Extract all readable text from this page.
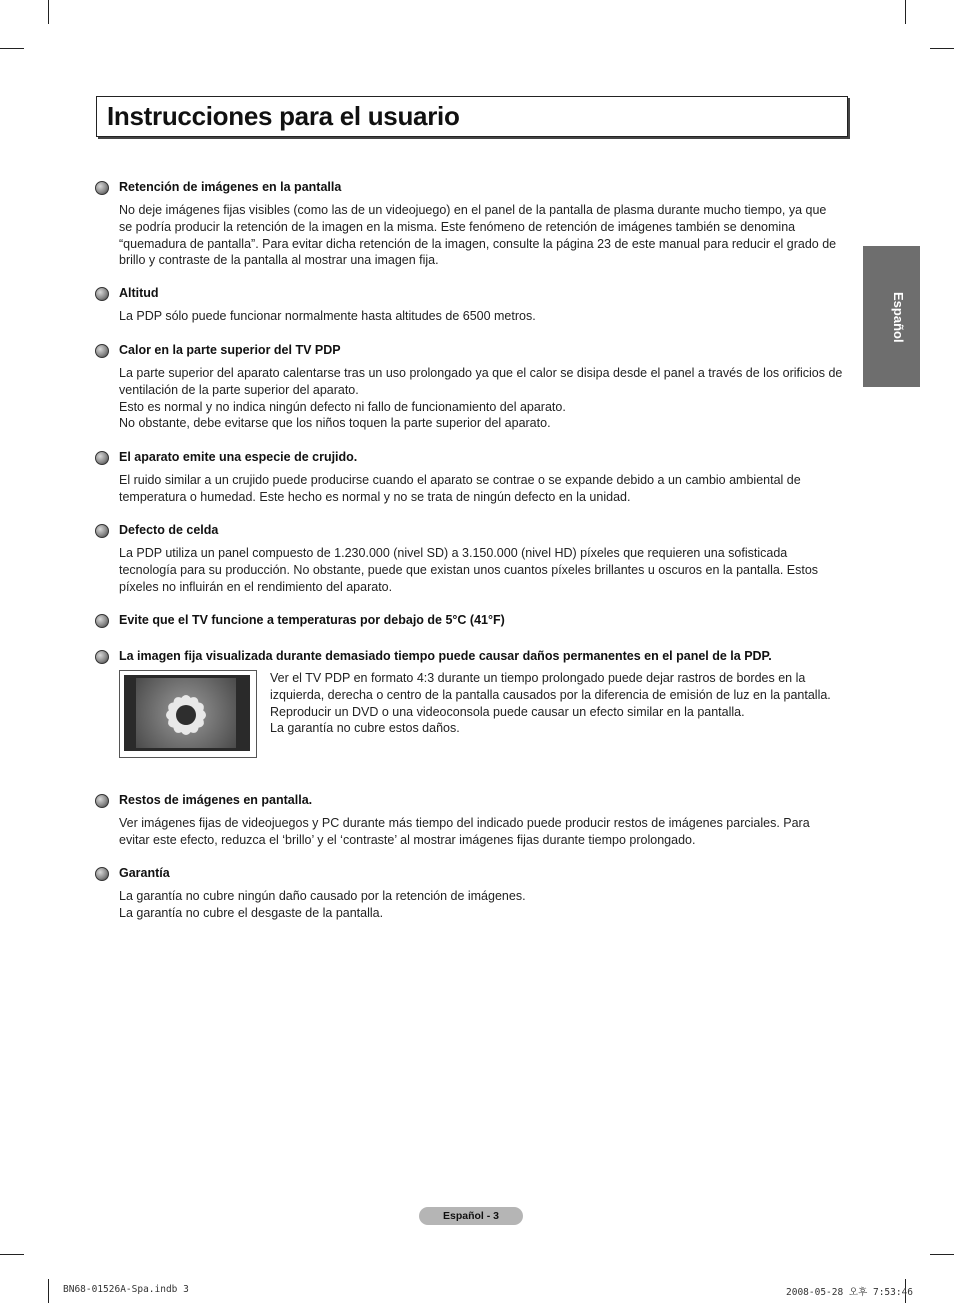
Instrucciones para el usuario
Español
Retención de imágenes en la pantalla

No deje imágenes fijas visibles (como las de un videojuego) en el panel de la pantalla de plasma durante mucho tiempo, ya que se podría producir la retención de la imagen en la misma. Este fenómeno de retención de imágenes también se denomina “quemadura de pantalla”. Para evitar dicha retención de la imagen, consulte la página 23 de este manual para reducir el grado de brillo y contraste de la pantalla al mostrar una imagen fija.

Altitud

La PDP sólo puede funcionar normalmente hasta altitudes de 6500 metros.

Calor en la parte superior del TV PDP

La parte superior del aparato calentarse tras un uso prolongado ya que el calor se disipa desde el panel a través de los orificios de ventilación de la parte superior del aparato.

Esto es normal y no indica ningún defecto ni fallo de funcionamiento del aparato.

No obstante, debe evitarse que los niños toquen la parte superior del aparato.

El aparato emite una especie de crujido.

El ruido similar a un crujido puede producirse cuando el aparato se contrae o se expande debido a un cambio ambiental de temperatura o humedad. Este hecho es normal y no se trata de ningún defecto en la unidad.

Defecto de celda

La PDP utiliza un panel compuesto de 1.230.000 (nivel SD) a 3.150.000 (nivel HD) píxeles que requieren una sofisticada tecnología para su producción. No obstante, puede que existan unos cuantos píxeles brillantes u oscuros en la pantalla. Estos píxeles no influirán en el rendimiento del aparato.

Evite que el TV funcione a temperaturas por debajo de 5°C (41°F)
La imagen fija visualizada durante demasiado tiempo puede causar daños permanentes en el panel de la PDP.

Ver el TV PDP en formato 4:3 durante un tiempo prolongado puede dejar rastros de bordes en la izquierda, derecha o centro de la pantalla causados por la diferencia de emisión de luz en la pantalla.

Reproducir un DVD o una videoconsola puede causar un efecto similar en la pantalla.

La garantía no cubre estos daños.

Restos de imágenes en pantalla.

Ver imágenes fijas de videojuegos y PC durante más tiempo del indicado puede producir restos de imágenes parciales. Para evitar este efecto, reduzca el ‘brillo’ y el ‘contraste’ al mostrar imágenes fijas durante tiempo prolongado.

Garantía

La garantía no cubre ningún daño causado por la retención de imágenes.

La garantía no cubre el desgaste de la pantalla.

Español - 3
BN68-01526A-Spa.indb 3	2008-05-28 오후 7:53:46
